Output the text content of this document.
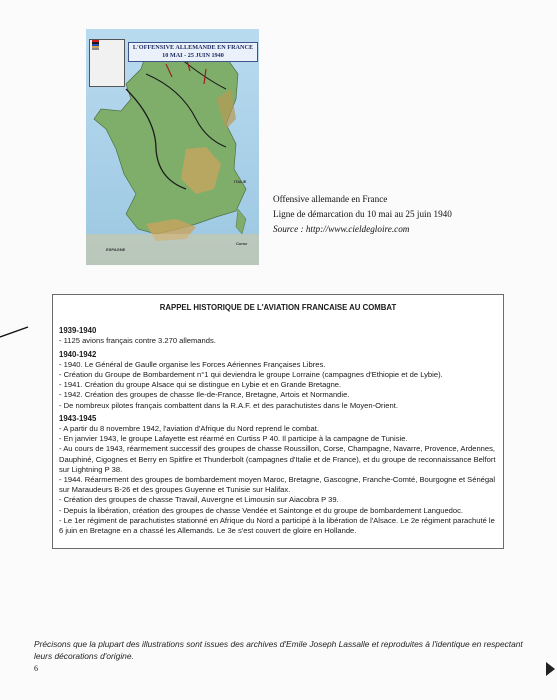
L'OFFENSIVE ALLEMANDE EN FRANCE
10 MAI - 25 JUIN 1940
ESPAGNE
ITALIE
Corse
Offensive allemande en France
Ligne de démarcation du 10 mai au 25 juin 1940
Source : http://www.cieldegloire.com
RAPPEL HISTORIQUE DE L'AVIATION FRANCAISE AU COMBAT
1939-1940
- 1125 avions français contre 3.270 allemands.
1940-1942
- 1940. Le Général de Gaulle organise les Forces Aériennes Françaises Libres.
- Création du Groupe de Bombardement n°1 qui deviendra le groupe Lorraine (campagnes d'Ethiopie et de Lybie).
- 1941. Création du groupe Alsace qui se distingue en Lybie et en Grande Bretagne.
- 1942. Création des groupes de chasse Ile-de-France, Bretagne, Artois et Normandie.
- De nombreux pilotes français combattent dans la R.A.F. et des parachutistes dans le Moyen-Orient.
1943-1945
- A partir du 8 novembre 1942, l'aviation d'Afrique du Nord reprend le combat.
- En janvier 1943, le groupe Lafayette est réarmé en Curtiss P 40. Il participe à la campagne de Tunisie.
- Au cours de 1943, réarmement successif des groupes de chasse Roussillon, Corse, Champagne, Navarre, Provence, Ardennes, Dauphiné, Cigognes et Berry en Spitfire et Thunderbolt (campagnes d'Italie et de France), et du groupe de reconnaissance Belfort sur Lightning P 38.
- 1944. Réarmement des groupes de bombardement moyen Maroc, Bretagne, Gascogne, Franche-Comté, Bourgogne et Sénégal sur Maraudeurs B-26 et des groupes Guyenne et Tunisie sur Halifax.
- Création des groupes de chasse Travail, Auvergne et Limousin sur Aiacobra P 39.
- Depuis la libération, création des groupes de chasse Vendée et Saintonge et du groupe de bombardement Languedoc.
- Le 1er régiment de parachutistes stationné en Afrique du Nord a participé à la libération de l'Alsace. Le 2e régiment parachuté le 6 juin en Bretagne en a chassé les Allemands. Le 3e s'est couvert de gloire en Hollande.
Précisons que la plupart des illustrations sont issues des archives d'Emile Joseph Lassalle et reproduites à l'identique en respectant leurs décorations d'origine.
6
